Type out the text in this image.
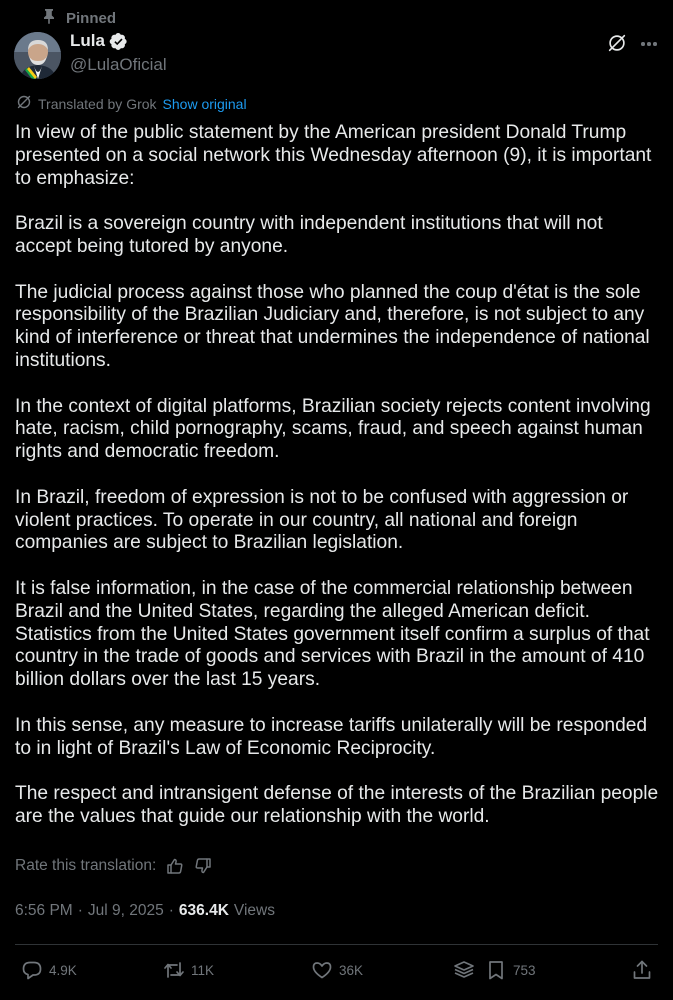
Pinned
Lula
@LulaOficial
Translated by Grok Show original

In view of the public statement by the American president Donald Trump presented on a social network this Wednesday afternoon (9), it is important to emphasize:

Brazil is a sovereign country with independent institutions that will not accept being tutored by anyone.

The judicial process against those who planned the coup d'état is the sole responsibility of the Brazilian Judiciary and, therefore, is not subject to any kind of interference or threat that undermines the independence of national institutions.

In the context of digital platforms, Brazilian society rejects content involving hate, racism, child pornography, scams, fraud, and speech against human rights and democratic freedom.

In Brazil, freedom of expression is not to be confused with aggression or violent practices. To operate in our country, all national and foreign companies are subject to Brazilian legislation.

It is false information, in the case of the commercial relationship between Brazil and the United States, regarding the alleged American deficit. Statistics from the United States government itself confirm a surplus of that country in the trade of goods and services with Brazil in the amount of 410 billion dollars over the last 15 years.

In this sense, any measure to increase tariffs unilaterally will be responded to in light of Brazil's Law of Economic Reciprocity.

The respect and intransigent defense of the interests of the Brazilian people are the values that guide our relationship with the world.

Rate this translation:
6:56 PM · Jul 9, 2025 · 636.4K Views
4.9K	11K	36K	753
